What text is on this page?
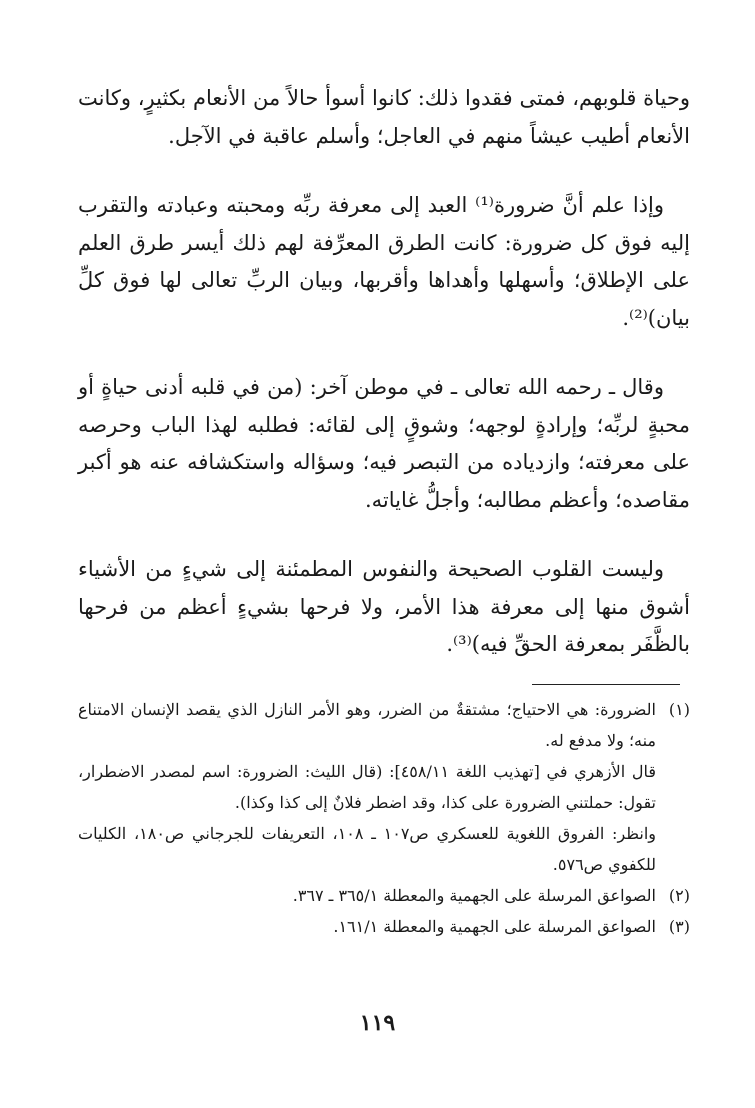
وحياة قلوبهم، فمتى فقدوا ذلك: كانوا أسوأ حالاً من الأنعام بكثيرٍ، وكانت الأنعام أطيب عيشاً منهم في العاجل؛ وأسلم عاقبة في الآجل.

وإذا علم أنَّ ضرورة⁽¹⁾ العبد إلى معرفة ربِّه ومحبته وعبادته والتقرب إليه فوق كل ضرورة: كانت الطرق المعرِّفة لهم ذلك أيسر طرق العلم على الإطلاق؛ وأسهلها وأهداها وأقربها، وبيان الربِّ تعالى لها فوق كلِّ بيان)⁽²⁾.

وقال ـ رحمه الله تعالى ـ في موطن آخر: (من في قلبه أدنى حياةٍ أو محبةٍ لربِّه؛ وإرادةٍ لوجهه؛ وشوقٍ إلى لقائه: فطلبه لهذا الباب وحرصه على معرفته؛ وازدياده من التبصر فيه؛ وسؤاله واستكشافه عنه هو أكبر مقاصده؛ وأعظم مطالبه؛ وأجلُّ غاياته.

وليست القلوب الصحيحة والنفوس المطمئنة إلى شيءٍ من الأشياء أشوق منها إلى معرفة هذا الأمر، ولا فرحها بشيءٍ أعظم من فرحها بالظَّفَر بمعرفة الحقِّ فيه)⁽³⁾.

(١)

الضرورة: هي الاحتياج؛ مشتقةٌ من الضرر، وهو الأمر النازل الذي يقصد الإنسان الامتناع منه؛ ولا مدفع له.

قال الأزهري في [تهذيب اللغة ٤٥٨/١١]: (قال الليث: الضرورة: اسم لمصدر الاضطرار، تقول: حملتني الضرورة على كذا، وقد اضطر فلانٌ إلى كذا وكذا).

وانظر: الفروق اللغوية للعسكري ص١٠٧ ـ ١٠٨، التعريفات للجرجاني ص١٨٠، الكليات للكفوي ص٥٧٦.

(٢)

الصواعق المرسلة على الجهمية والمعطلة ٣٦٥/١ ـ ٣٦٧.

(٣)

الصواعق المرسلة على الجهمية والمعطلة ١٦١/١.

١١٩
